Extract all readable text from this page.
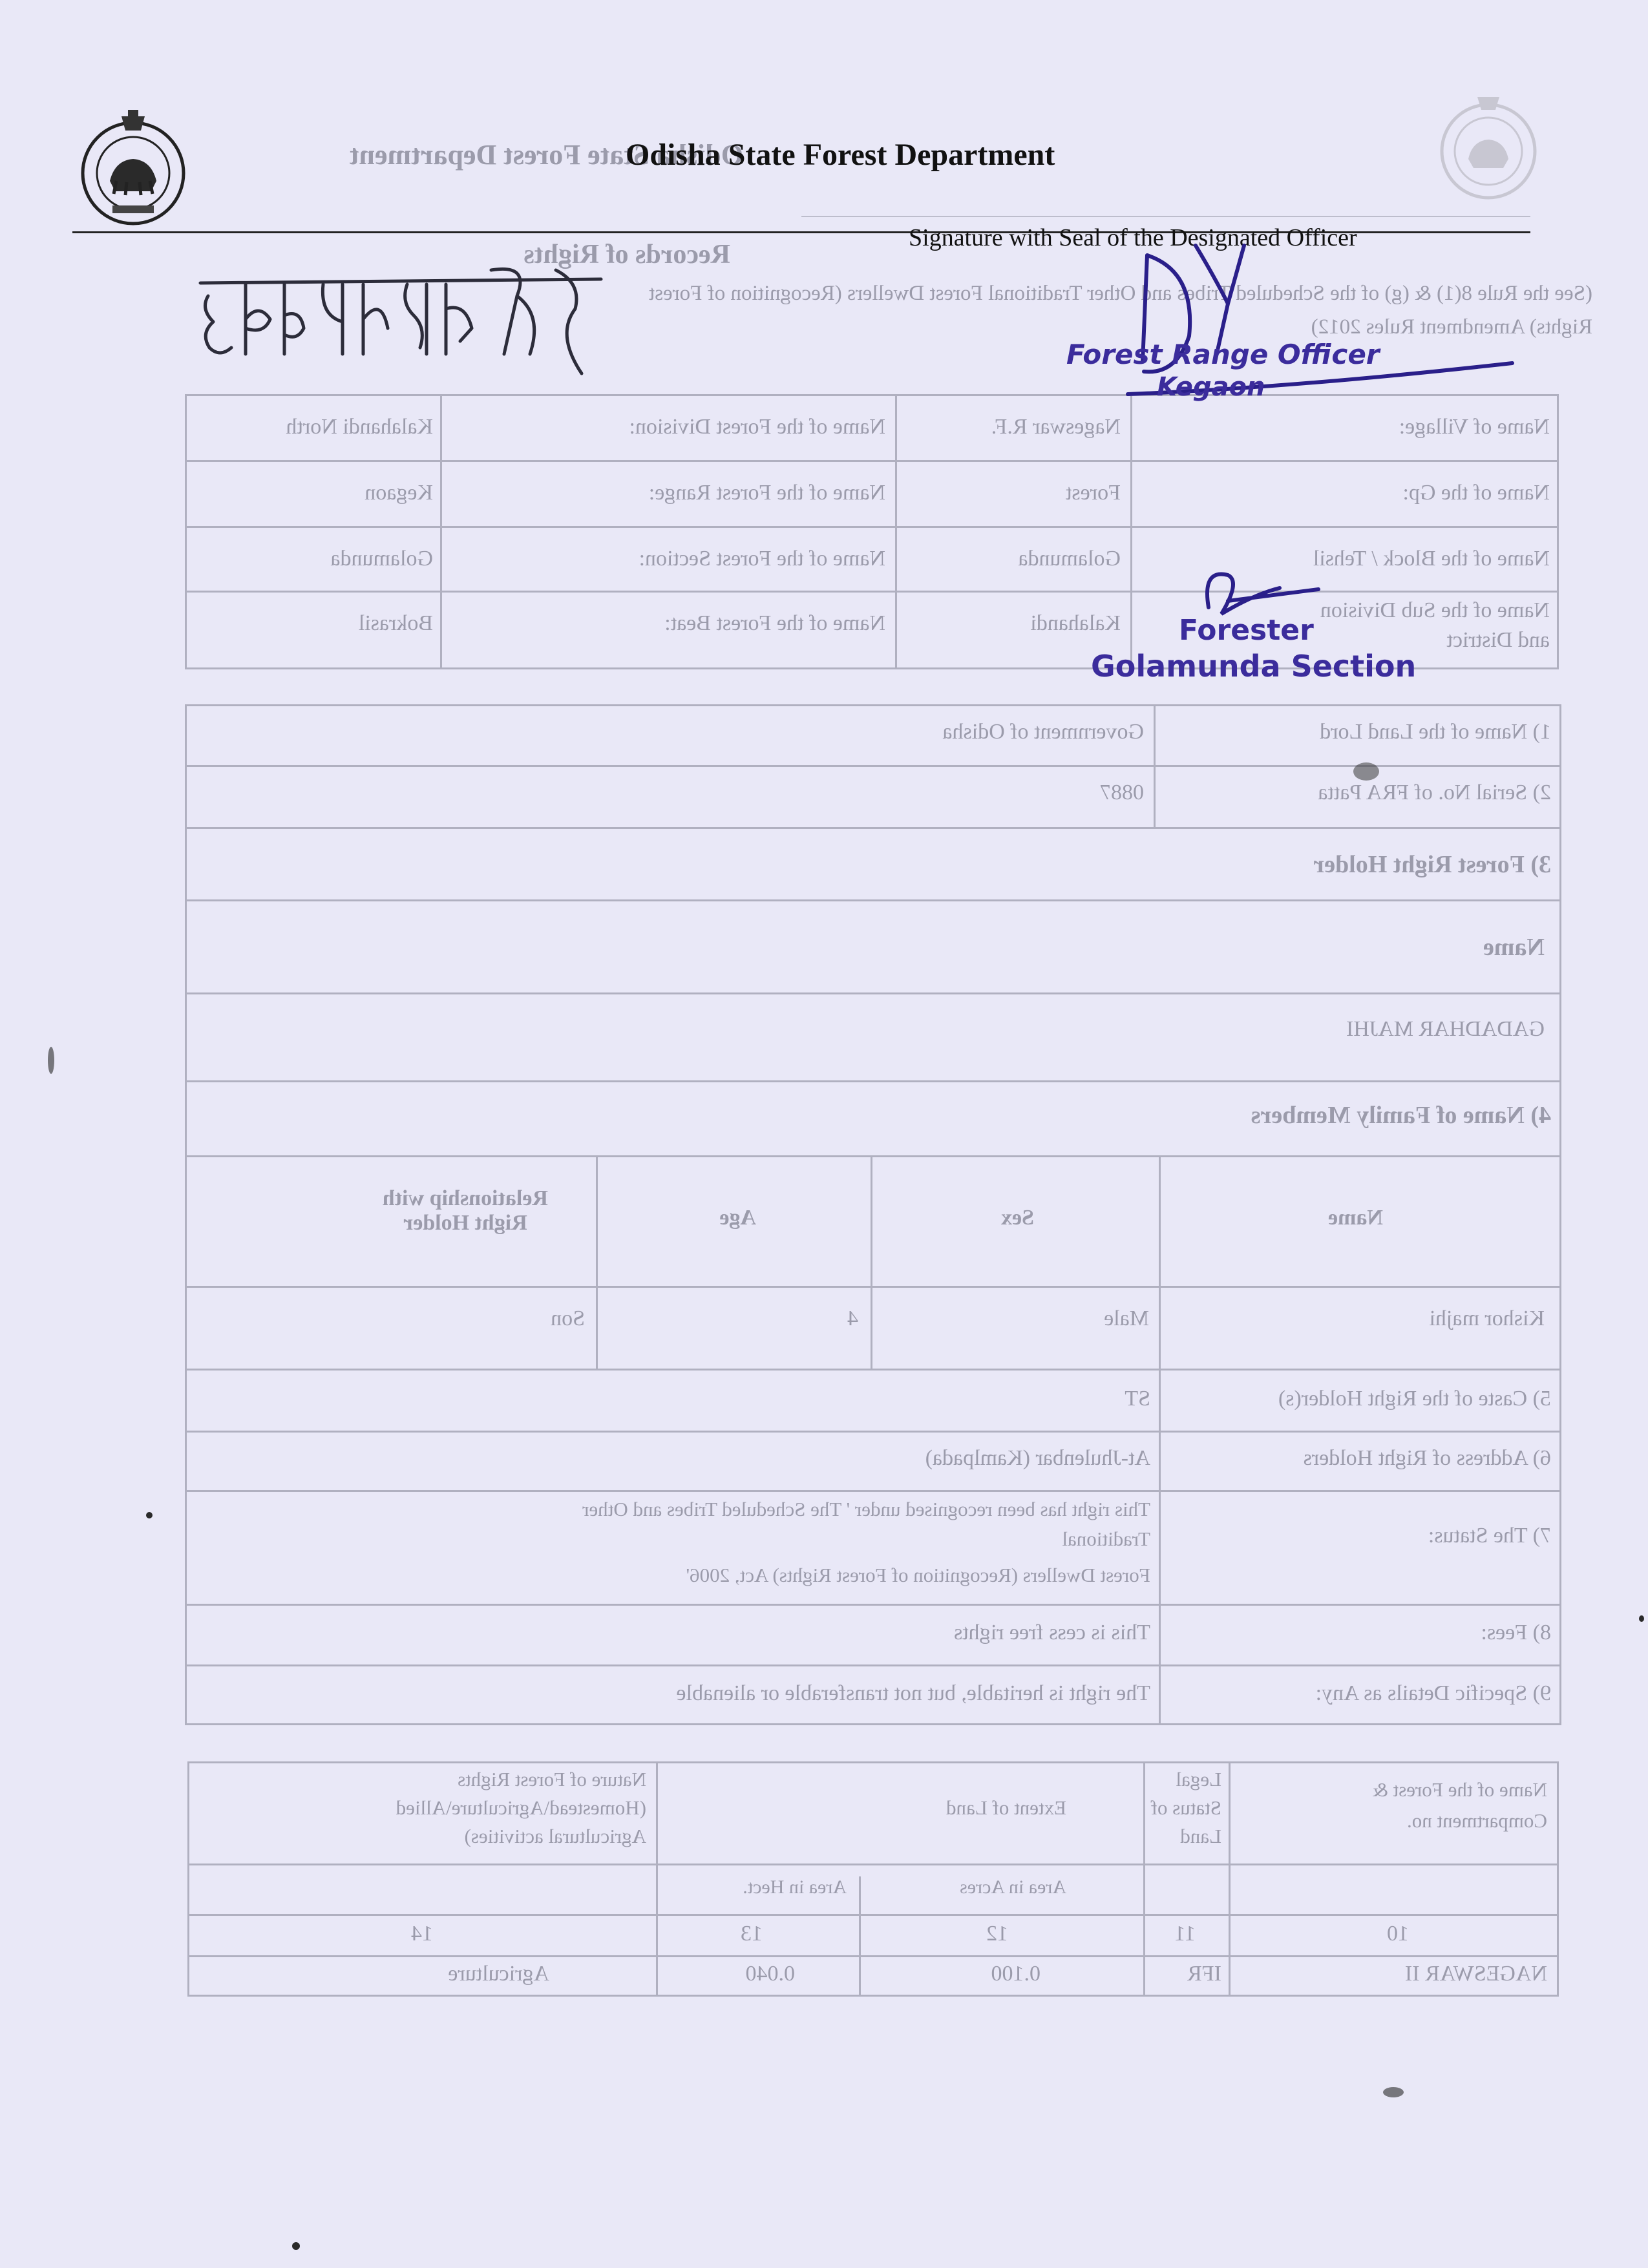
Odisha State Forest Department
Records of Rights
(See the Rule 8(1) & (g) of the Scheduled Tribes and Other Traditional Forest Dwellers (Recognition of Forest
Rights) Amendment Rules 2012)
Name of Village:
Nageswar R.F.
Name of the Forest Division:
Kalahandi North
Name of the Gp:
Forest
Name of the Forest Range:
Kegaon
Name of the Block / Tehsil
Golamunda
Name of the Forest Section:
Golamunda
Name of the Sub Division
and District
Kalahandi
Name of the Forest Beat:
Bokrasil
1) Name of the Land Lord
Government of Odisha
2) Serial No. of FRA Patta
0887
3) Forest Right Holder
Name
GADADHAR MAJHI
4) Name of Family Members
Name
Sex
Age
Relationship with Right Holder
Kishor majhi
Male
4
Son
5) Caste of the Right Holder(s)
ST
6) Address of Right Holders
At-Jhulenbar (Kamlpada)
7) The Status:
This right has been recognised under ' The Scheduled Tribes and Other
Traditional
Forest Dwellers (Recognition of Forest Rights) Act, 2006'
8) Fees:
This is cess free rights
9) Specific Details as Any:
The right is heritable, but not transferable or alienable
Name of the Forest &
Compartment no.
Legal
Status of
Land
Extent of Land
Nature of Forest Rights
(Homestead\Agriculture\Allied
Agricultural activities)
Area in Acres
Area in Hect.
10
11
12
13
14
NAGESWAR II
IFR
0.100
0.040
Agriculture
Odisha State Forest Department
Signature with Seal of the Designated Officer
Forest Range Officer
Kegaon
Forester
Golamunda Section
